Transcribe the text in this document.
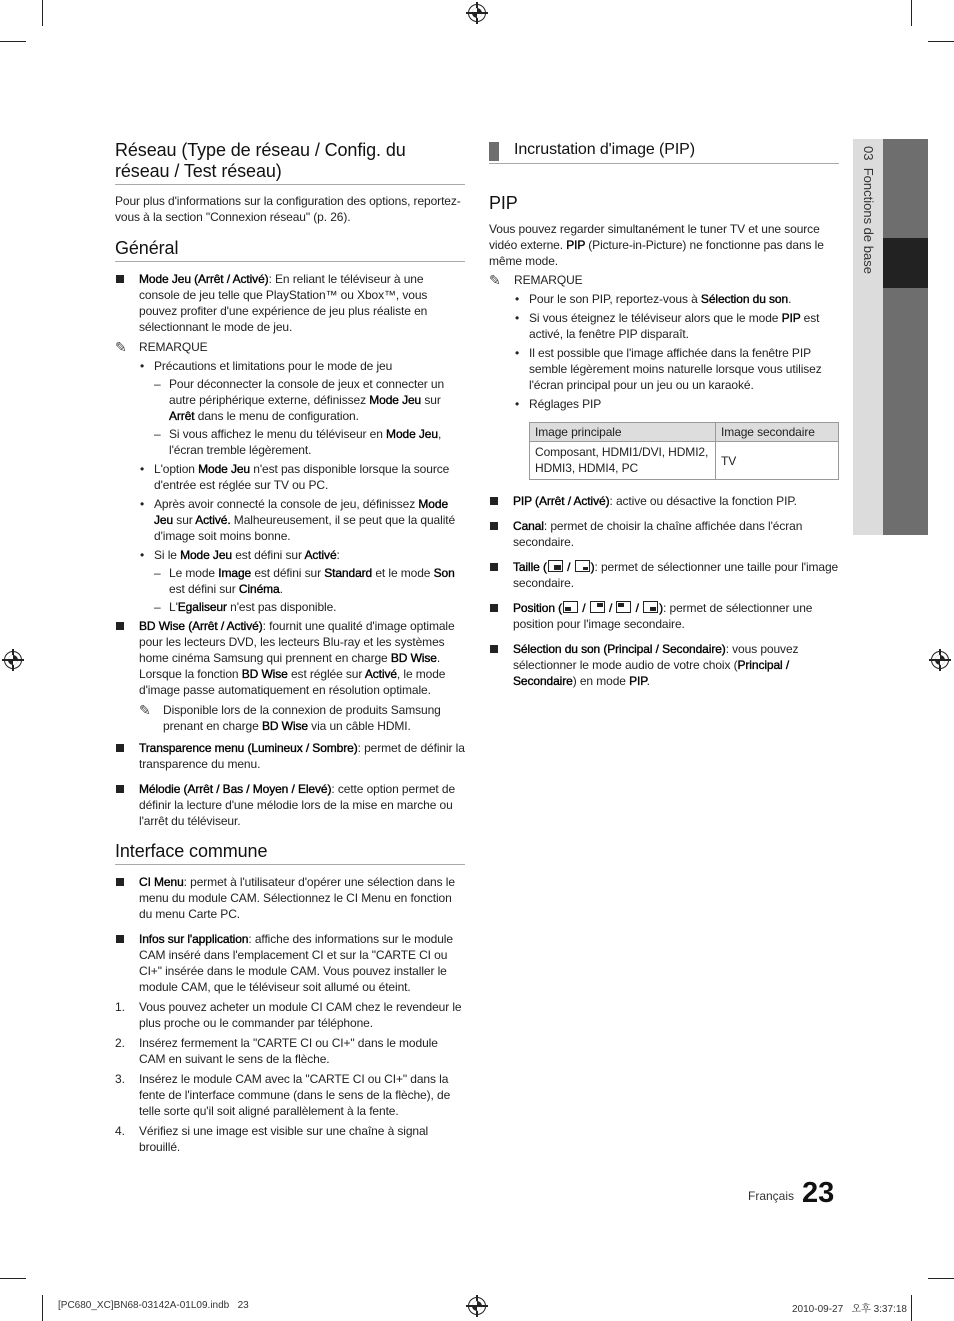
03  Fonctions de base
Réseau (Type de réseau / Config. du réseau / Test réseau)
Pour plus d'informations sur la configuration des options, reportez-vous à la section "Connexion réseau" (p. 26).
Général
Mode Jeu (Arrêt / Activé): En reliant le téléviseur à une console de jeu telle que PlayStation™ ou Xbox™, vous pouvez profiter d'une expérience de jeu plus réaliste en sélectionnant le mode de jeu.
✎ REMARQUE
• Précautions et limitations pour le mode de jeu
– Pour déconnecter la console de jeux et connecter un autre périphérique externe, définissez Mode Jeu sur Arrêt dans le menu de configuration.
– Si vous affichez le menu du téléviseur en Mode Jeu, l'écran tremble légèrement.
• L'option Mode Jeu n'est pas disponible lorsque la source d'entrée est réglée sur TV ou PC.
• Après avoir connecté la console de jeu, définissez Mode Jeu sur Activé. Malheureusement, il se peut que la qualité d'image soit moins bonne.
• Si le Mode Jeu est défini sur Activé:
– Le mode Image est défini sur Standard et le mode Son est défini sur Cinéma.
– L'Egaliseur n'est pas disponible.
BD Wise (Arrêt / Activé): fournit une qualité d'image optimale pour les lecteurs DVD, les lecteurs Blu-ray et les systèmes home cinéma Samsung qui prennent en charge BD Wise. Lorsque la fonction BD Wise est réglée sur Activé, le mode d'image passe automatiquement en résolution optimale.
✎ Disponible lors de la connexion de produits Samsung prenant en charge BD Wise via un câble HDMI.
Transparence menu (Lumineux / Sombre): permet de définir la transparence du menu.
Mélodie (Arrêt / Bas / Moyen / Elevé): cette option permet de définir la lecture d'une mélodie lors de la mise en marche ou l'arrêt du téléviseur.
Interface commune
CI Menu: permet à l'utilisateur d'opérer une sélection dans le menu du module CAM. Sélectionnez le CI Menu en fonction du menu Carte PC.
Infos sur l'application: affiche des informations sur le module CAM inséré dans l'emplacement CI et sur la "CARTE CI ou CI+" insérée dans le module CAM. Vous pouvez installer le module CAM, que le téléviseur soit allumé ou éteint.
1. Vous pouvez acheter un module CI CAM chez le revendeur le plus proche ou le commander par téléphone.
2. Insérez fermement la "CARTE CI ou CI+" dans le module CAM en suivant le sens de la flèche.
3. Insérez le module CAM avec la "CARTE CI ou CI+" dans la fente de l'interface commune (dans le sens de la flèche), de telle sorte qu'il soit aligné parallèlement à la fente.
4. Vérifiez si une image est visible sur une chaîne à signal brouillé.
Incrustation d'image (PIP)
PIP
Vous pouvez regarder simultanément le tuner TV et une source vidéo externe. PIP (Picture-in-Picture) ne fonctionne pas dans le même mode.
✎ REMARQUE
• Pour le son PIP, reportez-vous à Sélection du son.
• Si vous éteignez le téléviseur alors que le mode PIP est activé, la fenêtre PIP disparaît.
• Il est possible que l'image affichée dans la fenêtre PIP semble légèrement moins naturelle lorsque vous utilisez l'écran principal pour un jeu ou un karaoké.
• Réglages PIP
Image principale	Image secondaire
Composant, HDMI1/DVI, HDMI2, HDMI3, HDMI4, PC	TV
PIP (Arrêt / Activé): active ou désactive la fonction PIP.
Canal: permet de choisir la chaîne affichée dans l'écran secondaire.
Taille (
/
): permet de sélectionner une taille pour l'image secondaire.
Position (
/
/
/
): permet de sélectionner une position pour l'image secondaire.
Sélection du son (Principal / Secondaire): vous pouvez sélectionner le mode audio de votre choix (Principal / Secondaire) en mode PIP.
Français 23
[PC680_XC]BN68-03142A-01L09.indb   23	2010-09-27   오후 3:37:18
